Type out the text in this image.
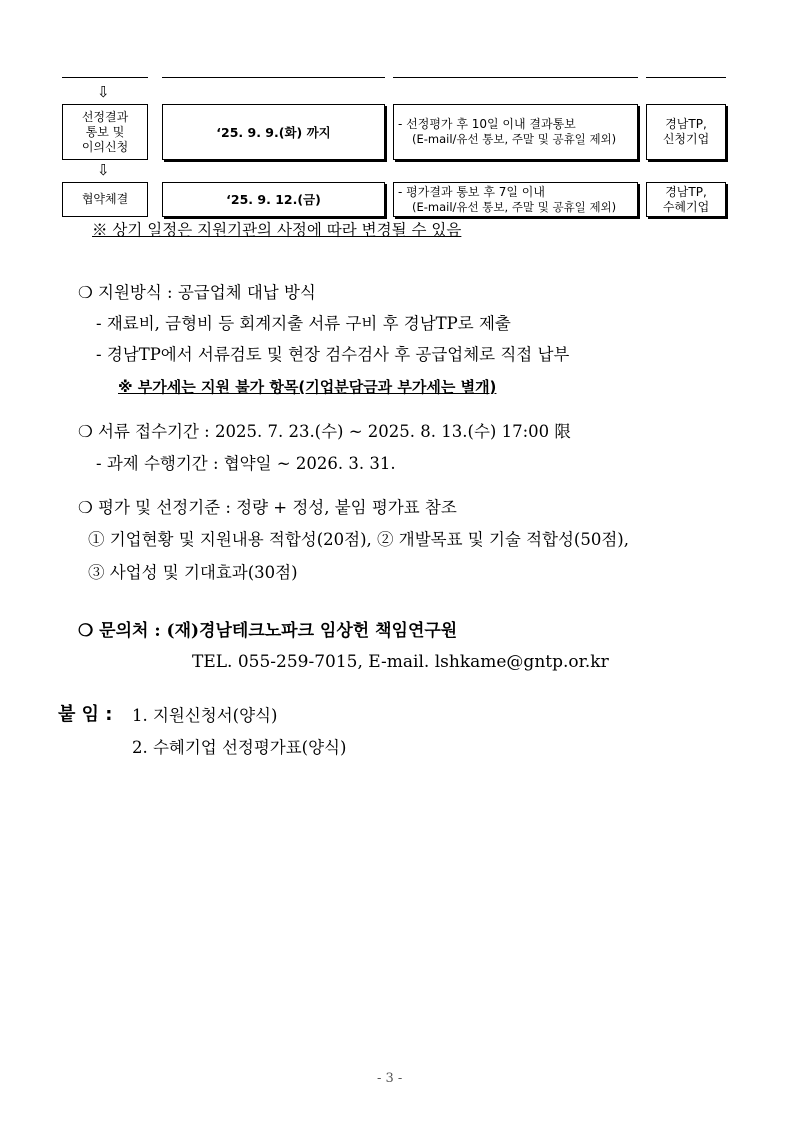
⇩
선정결과
통보 및
이의신청
‘25. 9. 9.(화) 까지
- 선정평가 후 10일 이내 결과통보
(E-mail/유선 통보, 주말 및 공휴일 제외)
경남TP,
신청기업
⇩
협약체결	‘25. 9. 12.(금)
- 평가결과 통보 후 7일 이내
(E-mail/유선 통보, 주말 및 공휴일 제외)
경남TP,
수혜기업
※ 상기 일정은 지원기관의 사정에 따라 변경될 수 있음
❍ 지원방식 : 공급업체 대납 방식
- 재료비, 금형비 등 회계지출 서류 구비 후 경남TP로 제출
- 경남TP에서 서류검토 및 현장 검수검사 후 공급업체로 직접 납부
※ 부가세는 지원 불가 항목(기업분담금과 부가세는 별개)
❍ 서류 접수기간 : 2025. 7. 23.(수) ~ 2025. 8. 13.(수) 17:00 限
- 과제 수행기간 : 협약일 ~ 2026. 3. 31.
❍ 평가 및 선정기준 : 정량 + 정성, 붙임 평가표 참조
① 기업현황 및 지원내용 적합성(20점), ② 개발목표 및 기술 적합성(50점),
③ 사업성 및 기대효과(30점)
❍ 문의처 : (재)경남테크노파크 임상헌 책임연구원
TEL. 055-259-7015, E-mail. lshkame@gntp.or.kr
붙 임 : 1. 지원신청서(양식)
2. 수혜기업 선정평가표(양식)
- 3 -
